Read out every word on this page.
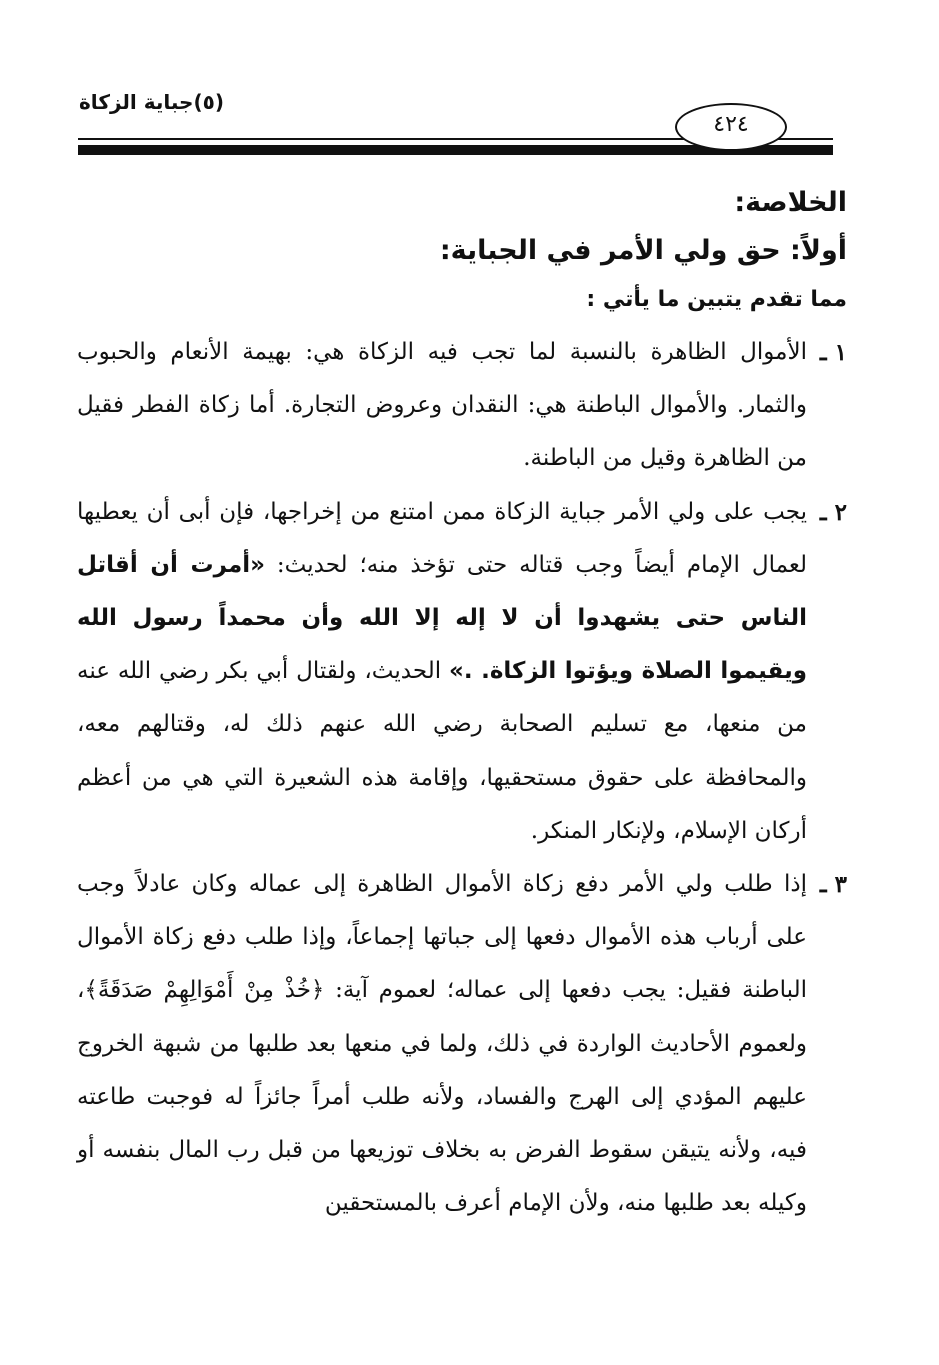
(٥)جباية الزكاة
٤٢٤

الخلاصة:

أولاً: حق ولي الأمر في الجباية:

مما تقدم يتبين ما يأتي :

١ ـ
الأموال الظاهرة بالنسبة لما تجب فيه الزكاة هي: بهيمة الأنعام والحبوب والثمار. والأموال الباطنة هي: النقدان وعروض التجارة. أما زكاة الفطر فقيل من الظاهرة وقيل من الباطنة.
٢ ـ
يجب على ولي الأمر جباية الزكاة ممن امتنع من إخراجها، فإن أبى أن يعطيها لعمال الإمام أيضاً وجب قتاله حتى تؤخذ منه؛ لحديث: «أمرت أن أقاتل الناس حتى يشهدوا أن لا إله إلا الله وأن محمداً رسول الله ويقيموا الصلاة ويؤتوا الزكاة. .» الحديث، ولقتال أبي بكر رضي الله عنه من منعها، مع تسليم الصحابة رضي الله عنهم ذلك له، وقتالهم معه، والمحافظة على حقوق مستحقيها، وإقامة هذه الشعيرة التي هي من أعظم أركان الإسلام، ولإنكار المنكر.
٣ ـ
إذا طلب ولي الأمر دفع زكاة الأموال الظاهرة إلى عماله وكان عادلاً وجب على أرباب هذه الأموال دفعها إلى جباتها إجماعاً، وإذا طلب دفع زكاة الأموال الباطنة فقيل: يجب دفعها إلى عماله؛ لعموم آية: ﴿خُذْ مِنْ أَمْوَالِهِمْ صَدَقَةً﴾، ولعموم الأحاديث الواردة في ذلك، ولما في منعها بعد طلبها من شبهة الخروج عليهم المؤدي إلى الهرج والفساد، ولأنه طلب أمراً جائزاً له فوجبت طاعته فيه، ولأنه يتيقن سقوط الفرض به بخلاف توزيعها من قبل رب المال بنفسه أو وكيله بعد طلبها منه، ولأن الإمام أعرف بالمستحقين
